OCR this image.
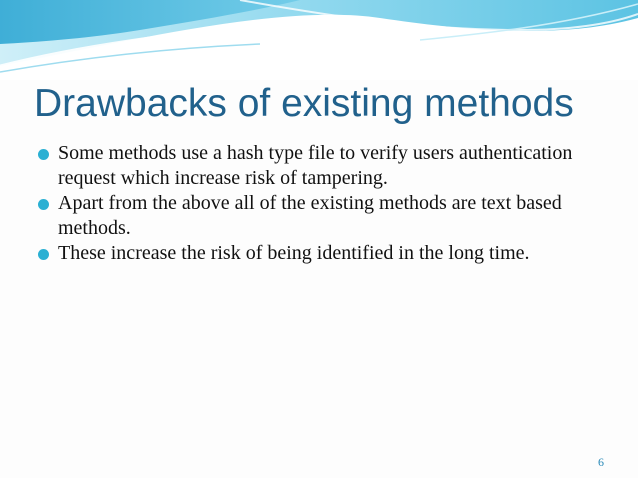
Drawbacks of existing methods
Some methods use a hash type file to verify users authentication request which increase risk of tampering.
Apart from the above all of the existing methods are text based methods.
These increase the risk of being identified in the long time.
6
